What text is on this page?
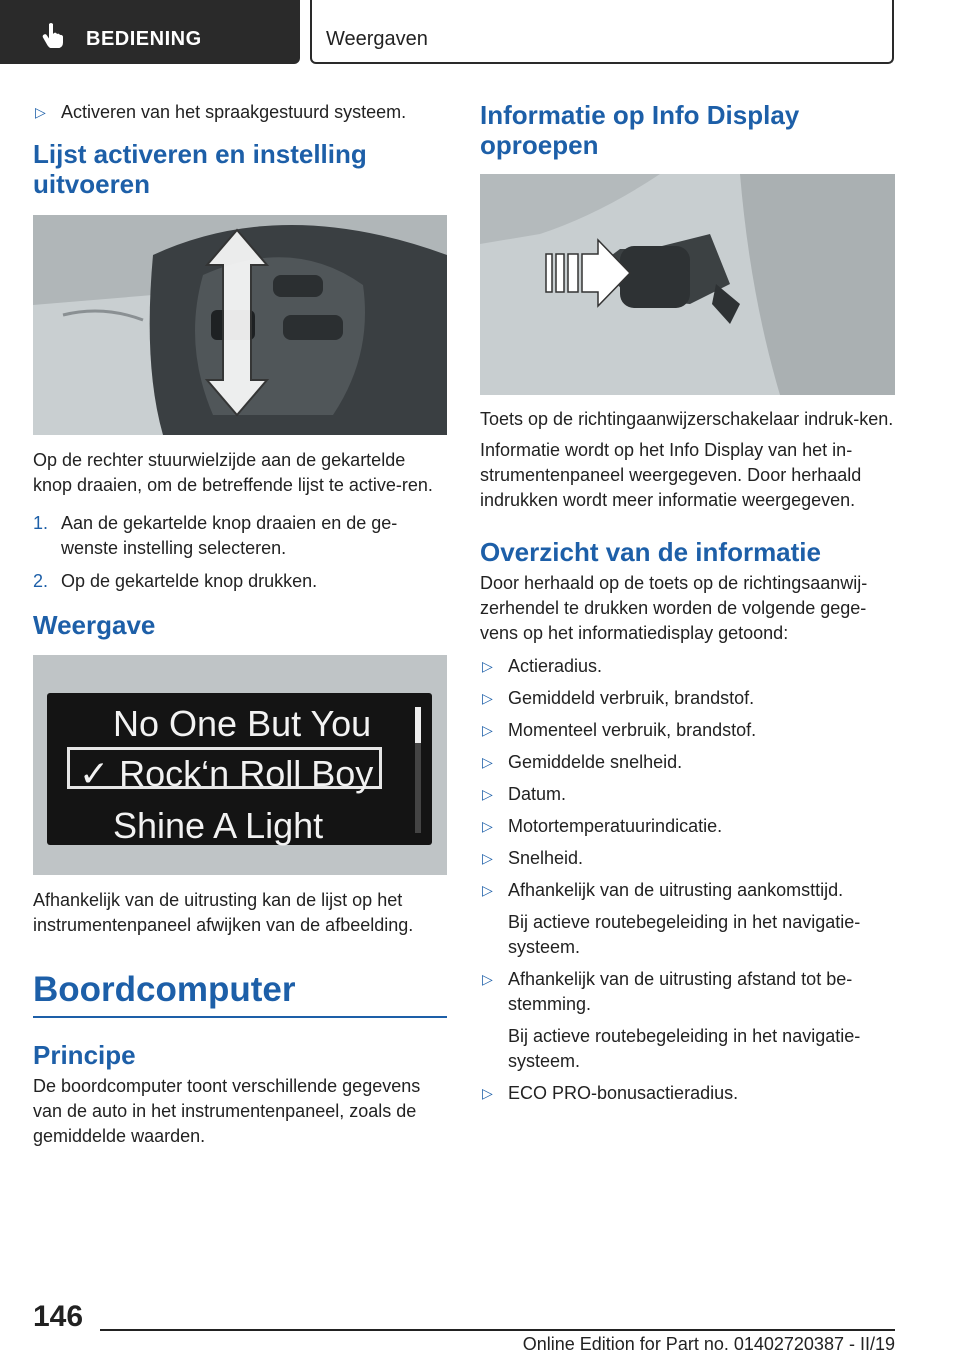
BEDIENING	Weergaven
▷ Activeren van het spraakgestuurd systeem.
Lijst activeren en instelling uitvoeren

Op de rechter stuurwielzijde aan de gekartelde knop draaien, om de betreffende lijst te active-ren.

1. Aan de gekartelde knop draaien en de ge-wenste instelling selecteren.
2. Op de gekartelde knop drukken.
Weergave
No One But You
✓ Rock‘n Roll Boy
Shine A Light

Afhankelijk van de uitrusting kan de lijst op het instrumentenpaneel afwijken van de afbeelding.

Boordcomputer
Principe

De boordcomputer toont verschillende gegevens van de auto in het instrumentenpaneel, zoals de gemiddelde waarden.

Informatie op Info Display oproepen

Toets op de richtingaanwijzerschakelaar indruk-ken.

Informatie wordt op het Info Display van het in-strumentenpaneel weergegeven. Door herhaald indrukken wordt meer informatie weergegeven.

Overzicht van de informatie

Door herhaald op de toets op de richtingsaanwij-zerhendel te drukken worden de volgende gege-vens op het informatiedisplay getoond:

▷ Actieradius.
▷ Gemiddeld verbruik, brandstof.
▷ Momenteel verbruik, brandstof.
▷ Gemiddelde snelheid.
▷ Datum.
▷ Motortemperatuurindicatie.
▷ Snelheid.
▷ Afhankelijk van de uitrusting aankomsttijd.
Bij actieve routebegeleiding in het navigatie-systeem.
▷ Afhankelijk van de uitrusting afstand tot be-stemming.
Bij actieve routebegeleiding in het navigatie-systeem.
▷ ECO PRO-bonusactieradius.
146
Online Edition for Part no. 01402720387 - II/19
